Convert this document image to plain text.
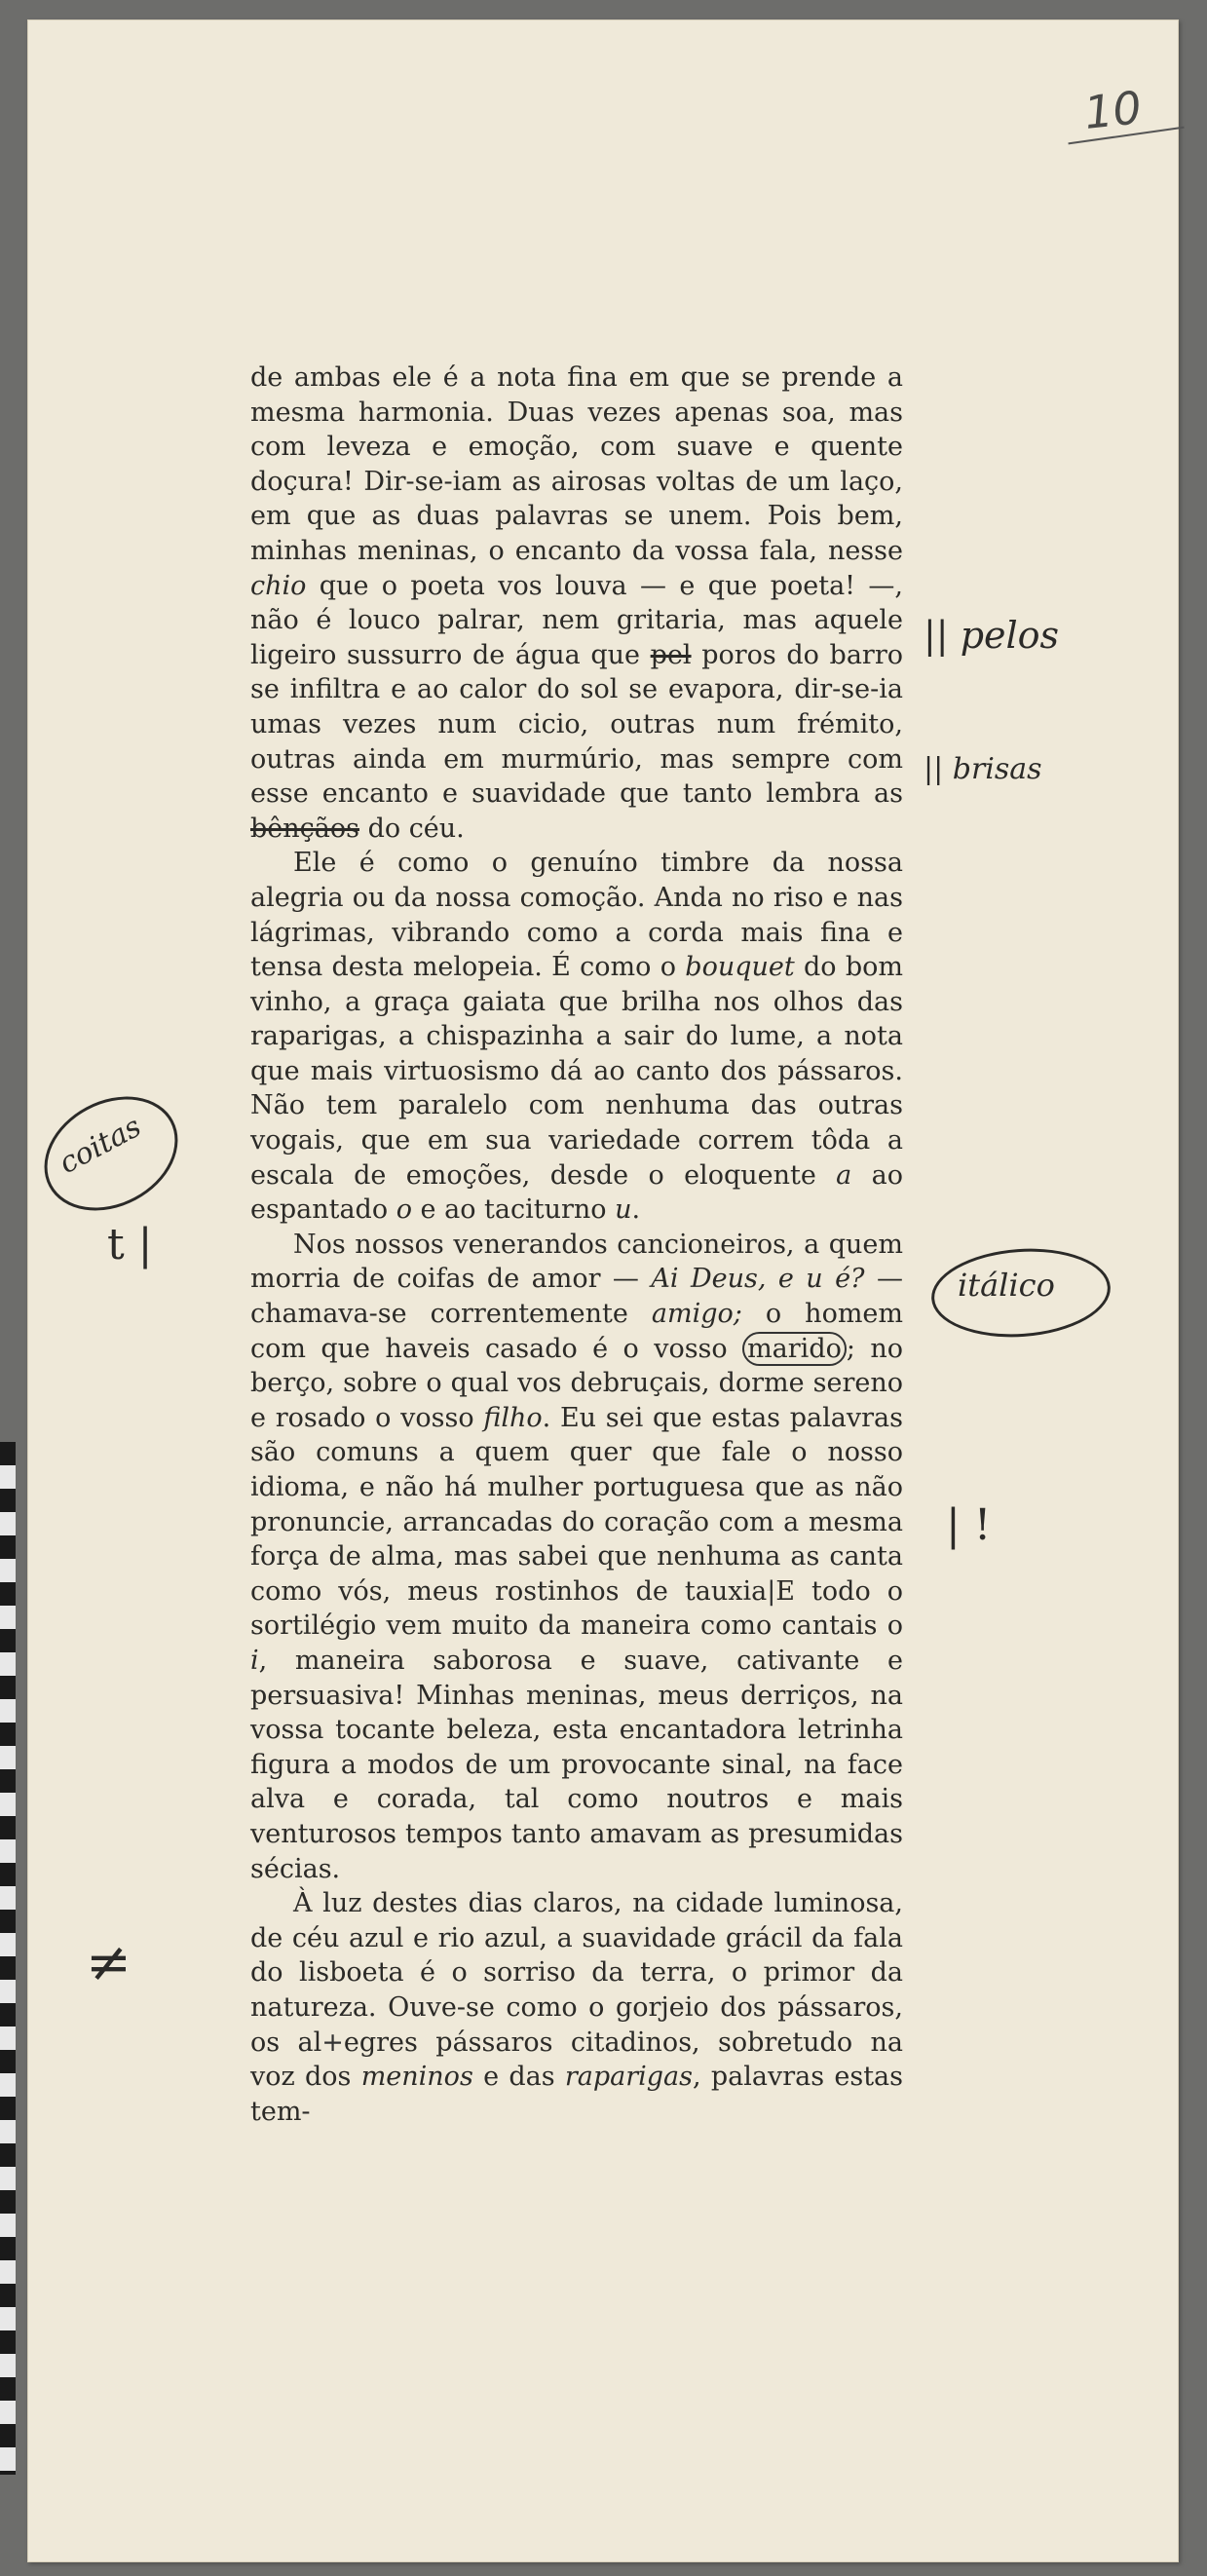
10

de ambas ele é a nota fina em que se prende a mesma harmonia. Duas vezes apenas soa, mas com leveza e emoção, com suave e quente doçura! Dir-se-iam as airosas voltas de um laço, em que as duas palavras se unem. Pois bem, minhas meninas, o encanto da vossa fala, nesse chio que o poeta vos louva — e que poeta! —, não é louco palrar, nem gritaria, mas aquele ligeiro sussurro de água que pel poros do barro se infiltra e ao calor do sol se evapora, dir-se-ia umas vezes num cicio, outras num frémito, outras ainda em murmúrio, mas sempre com esse encanto e suavidade que tanto lembra as bênçãos do céu.

Ele é como o genuíno timbre da nossa alegria ou da nossa comoção. Anda no riso e nas lágrimas, vibrando como a corda mais fina e tensa desta melopeia. É como o bouquet do bom vinho, a graça gaiata que brilha nos olhos das raparigas, a chispazinha a sair do lume, a nota que mais virtuosismo dá ao canto dos pássaros. Não tem paralelo com nenhuma das outras vogais, que em sua variedade correm tôda a escala de emoções, desde o eloquente a ao espantado o e ao taciturno u.

Nos nossos venerandos cancioneiros, a quem morria de coifas de amor — Ai Deus, e u é? — chamava-se correntemente amigo; o homem com que haveis casado é o vosso marido ; no berço, sobre o qual vos debruçais, dorme sereno e rosado o vosso filho. Eu sei que estas palavras são comuns a quem quer que fale o nosso idioma, e não há mulher portuguesa que as não pronuncie, arrancadas do coração com a mesma força de alma, mas sabei que nenhuma as canta como vós, meus rostinhos de tauxia|E todo o sortilégio vem muito da maneira como cantais o i, maneira saborosa e suave, cativante e persuasiva! Minhas meninas, meus derriços, na vossa tocante beleza, esta encantadora letrinha figura a modos de um provocante sinal, na face alva e corada, tal como noutros e mais venturosos tempos tanto amavam as presumidas sécias.

À luz destes dias claros, na cidade luminosa, de céu azul e rio azul, a suavidade grácil da fala do lisboeta é o sorriso da terra, o primor da natureza. Ouve-se como o gorjeio dos pássaros, os al+egres pássaros citadinos, sobretudo na voz dos meninos e das raparigas, palavras estas tem-

|| pelos
|| brisas
itálico
| !
coitas
t |
≠
